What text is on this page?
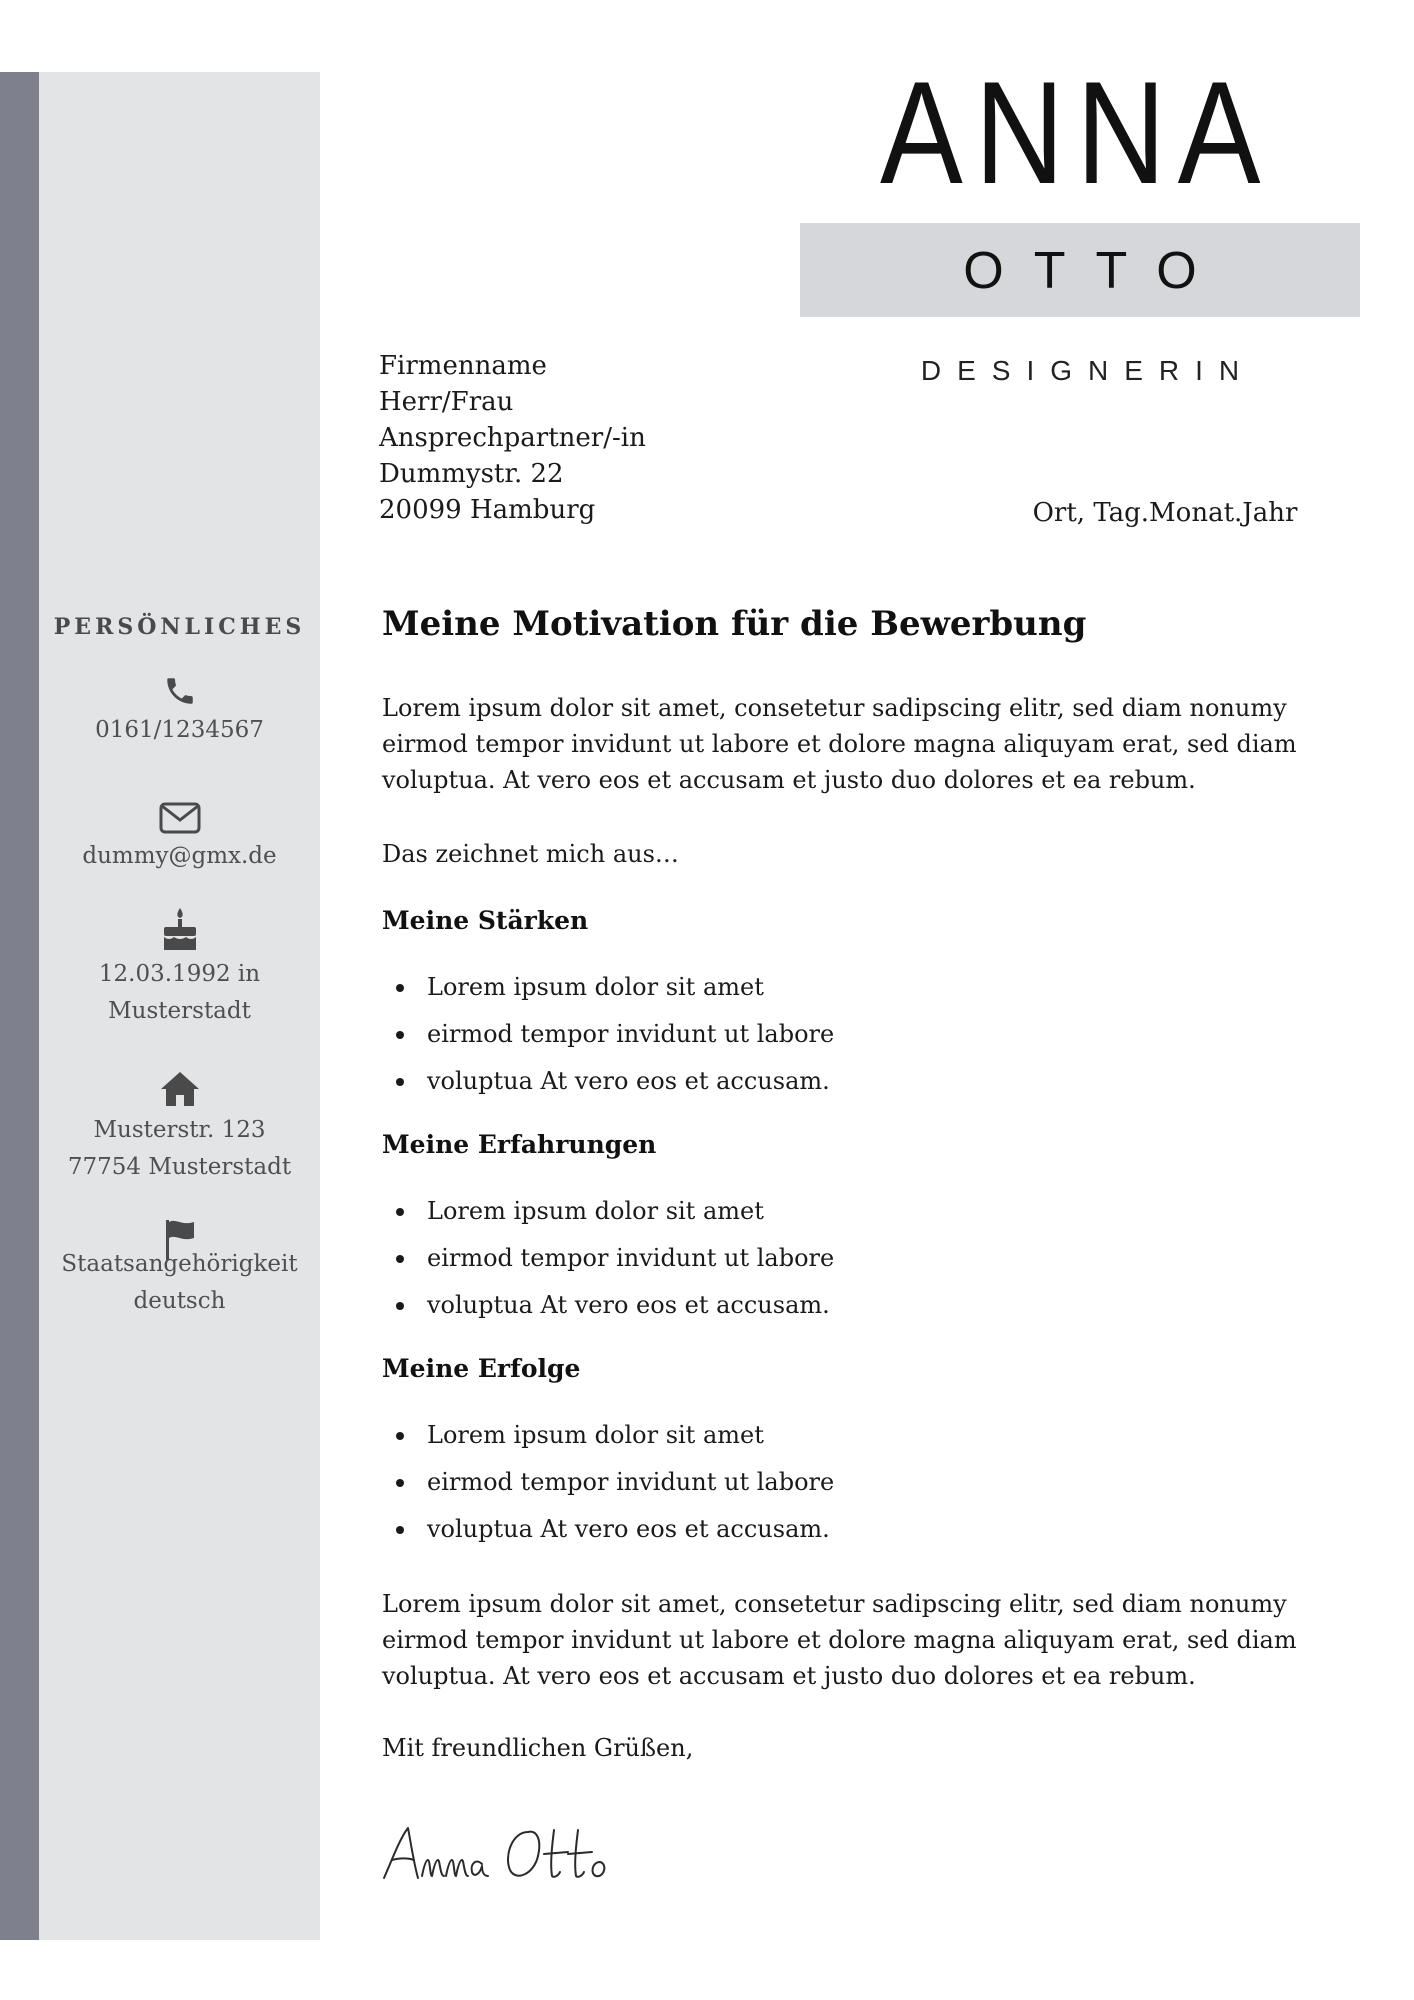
ANNA
OTTO
DESIGNERIN
Firmenname
Herr/Frau
Ansprechpartner/-in
Dummystr. 22
20099 Hamburg	Ort, Tag.Monat.Jahr
PERSÖNLICHES
0161/1234567
dummy@gmx.de
12.03.1992 in
Musterstadt
Musterstr. 123
77754 Musterstadt
Staatsangehörigkeit
deutsch
Meine Motivation für die Bewerbung
Lorem ipsum dolor sit amet, consetetur sadipscing elitr, sed diam nonumy eirmod tempor invidunt ut labore et dolore magna aliquyam erat, sed diam voluptua. At vero eos et accusam et justo duo dolores et ea rebum.
Das zeichnet mich aus…
Meine Stärken
Lorem ipsum dolor sit amet
eirmod tempor invidunt ut labore
voluptua At vero eos et accusam.
Meine Erfahrungen
Lorem ipsum dolor sit amet
eirmod tempor invidunt ut labore
voluptua At vero eos et accusam.
Meine Erfolge
Lorem ipsum dolor sit amet
eirmod tempor invidunt ut labore
voluptua At vero eos et accusam.
Lorem ipsum dolor sit amet, consetetur sadipscing elitr, sed diam nonumy eirmod tempor invidunt ut labore et dolore magna aliquyam erat, sed diam voluptua. At vero eos et accusam et justo duo dolores et ea rebum.
Mit freundlichen Grüßen,
